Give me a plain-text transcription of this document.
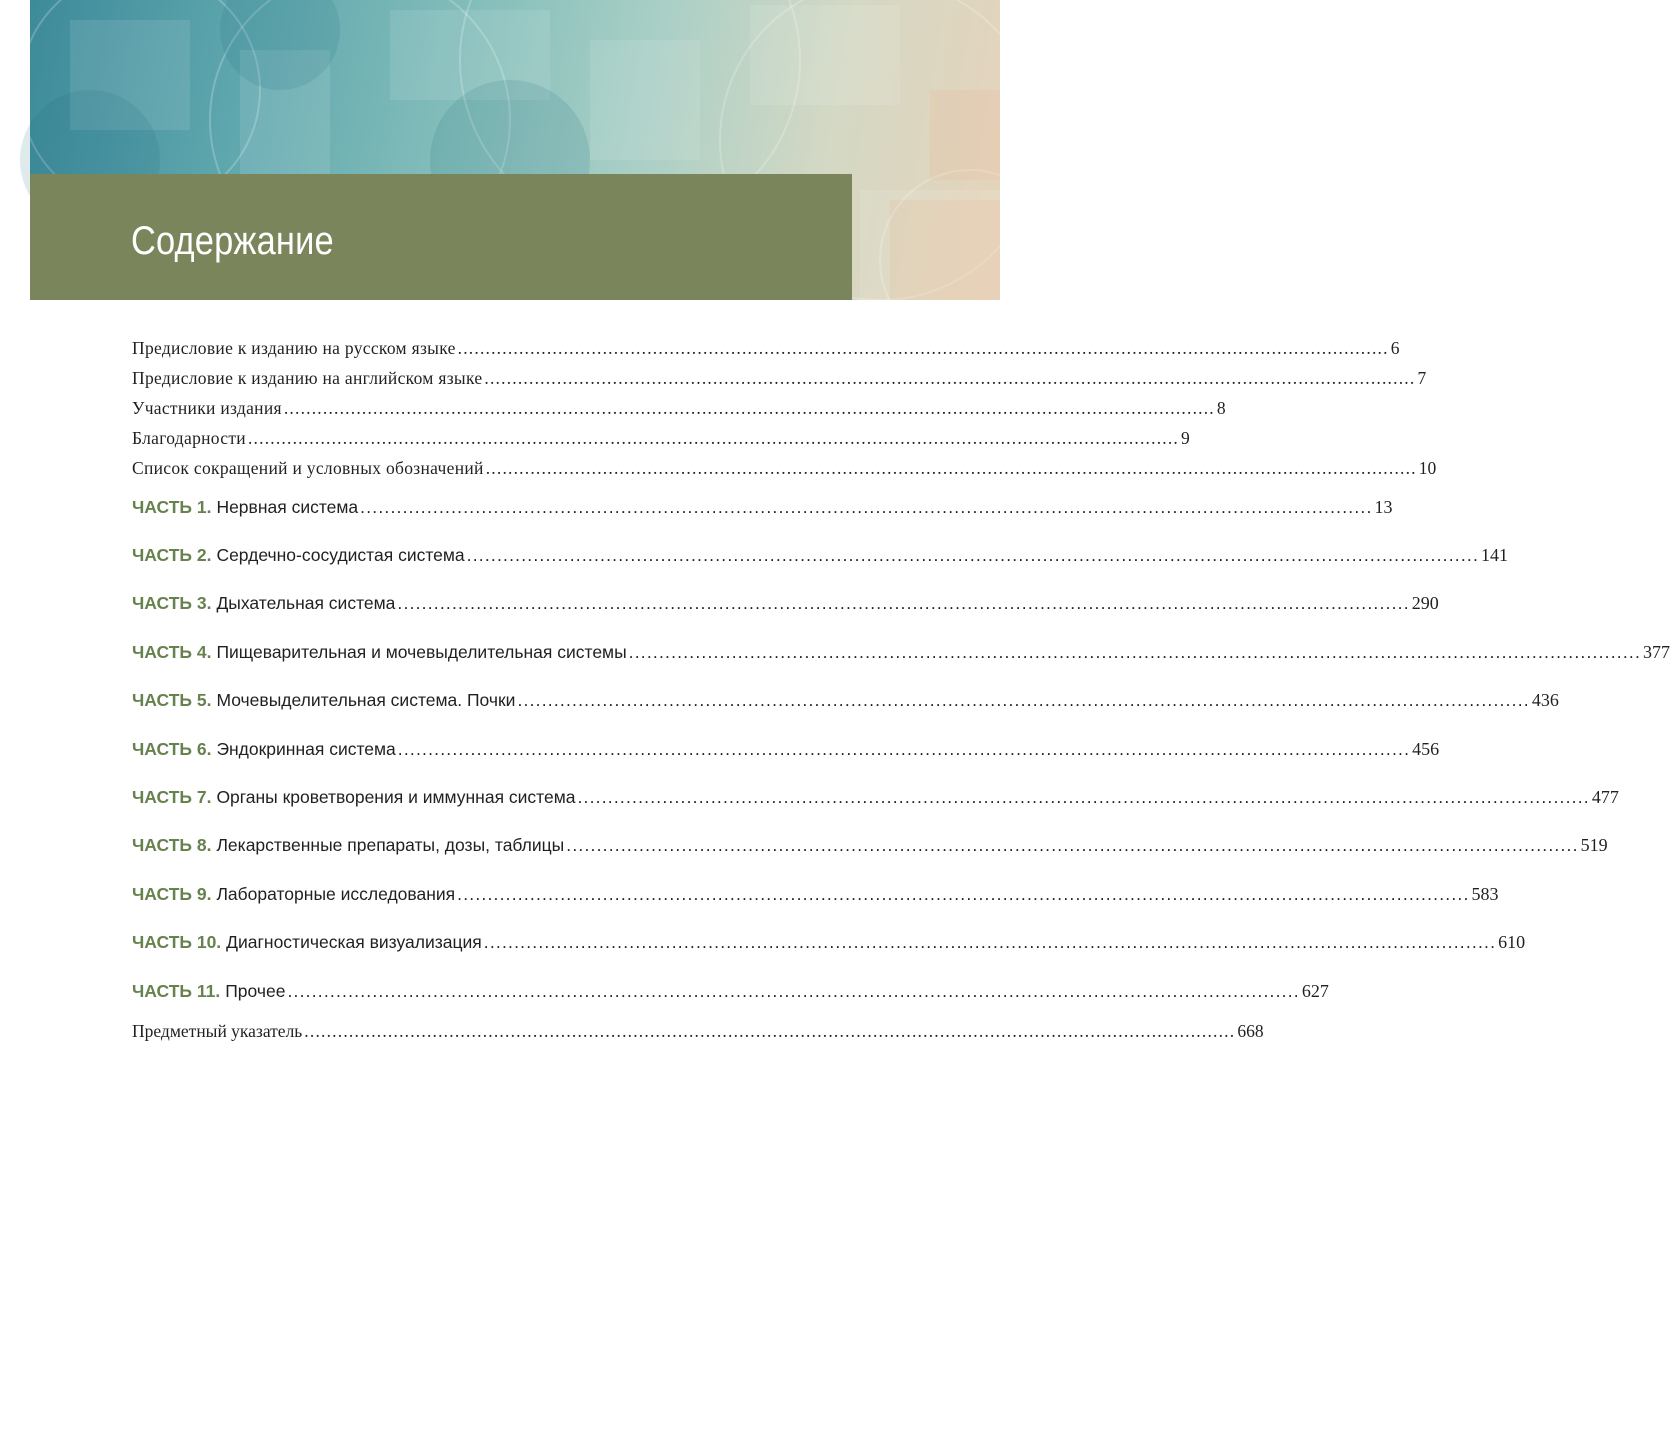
Содержание
Предисловие к изданию на русском языке ....................................................................................................................................................................... 6
Предисловие к изданию на английском языке ....................................................................................................................................................................... 7
Участники издания ....................................................................................................................................................................... 8
Благодарности ....................................................................................................................................................................... 9
Список сокращений и условных обозначений ....................................................................................................................................................................... 10
ЧАСТЬ 1. Нервная система ....................................................................................................................................................................... 13
ЧАСТЬ 2. Сердечно-сосудистая система ....................................................................................................................................................................... 141
ЧАСТЬ 3. Дыхательная система ....................................................................................................................................................................... 290
ЧАСТЬ 4. Пищеварительная и мочевыделительная системы ....................................................................................................................................................................... 377
ЧАСТЬ 5. Мочевыделительная система. Почки ....................................................................................................................................................................... 436
ЧАСТЬ 6. Эндокринная система ....................................................................................................................................................................... 456
ЧАСТЬ 7. Органы кроветворения и иммунная система ....................................................................................................................................................................... 477
ЧАСТЬ 8. Лекарственные препараты, дозы, таблицы ....................................................................................................................................................................... 519
ЧАСТЬ 9. Лабораторные исследования ....................................................................................................................................................................... 583
ЧАСТЬ 10. Диагностическая визуализация ....................................................................................................................................................................... 610
ЧАСТЬ 11. Прочее ....................................................................................................................................................................... 627
Предметный указатель ....................................................................................................................................................................... 668
